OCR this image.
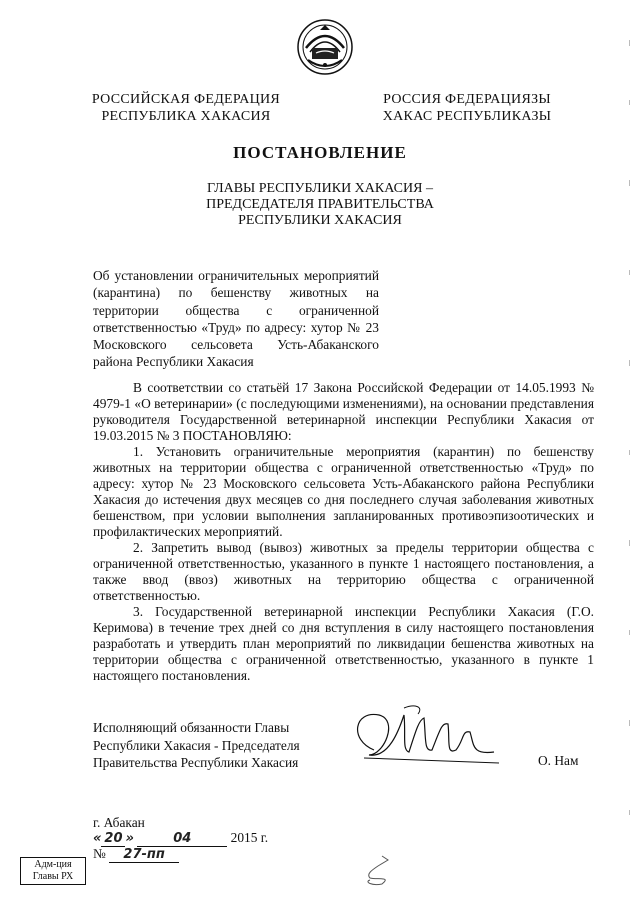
РОССИЙСКАЯ ФЕДЕРАЦИЯ
РЕСПУБЛИКА ХАКАСИЯ
РОССИЯ ФЕДЕРАЦИЯЗЫ
ХАКАС РЕСПУБЛИКАЗЫ
ПОСТАНОВЛЕНИЕ
ГЛАВЫ РЕСПУБЛИКИ ХАКАСИЯ –
ПРЕДСЕДАТЕЛЯ ПРАВИТЕЛЬСТВА
РЕСПУБЛИКИ ХАКАСИЯ
Об установлении ограничительных мероприятий (карантина) по бешенству животных на территории общества с ограниченной ответственностью «Труд» по адресу: хутор № 23 Московского сельсовета Усть-Абаканского района Республики Хакасия

В соответствии со статьёй 17 Закона Российской Федерации от 14.05.1993 № 4979-1 «О ветеринарии» (с последующими изменениями), на основании представления руководителя Государственной ветеринарной инспекции Республики Хакасия от 19.03.2015 № 3 ПОСТАНОВЛЯЮ:

1. Установить ограничительные мероприятия (карантин) по бешенству животных на территории общества с ограниченной ответственностью «Труд» по адресу: хутор № 23 Московского сельсовета Усть-Абаканского района Республики Хакасия до истечения двух месяцев со дня последнего случая заболевания животных бешенством, при условии выполнения запланированных противоэпизоотических и профилактических мероприятий.

2. Запретить вывод (вывоз) животных за пределы территории общества с ограниченной ответственностью, указанного в пункте 1 настоящего постановления, а также ввод (ввоз) животных на территорию общества с ограниченной ответственностью.

3. Государственной ветеринарной инспекции Республики Хакасия (Г.О. Керимова) в течение трех дней со дня вступления в силу настоящего постановления разработать и утвердить план мероприятий по ликвидации бешенства животных на территории общества с ограниченной ответственностью, указанного в пункте 1 настоящего постановления.

Исполняющий обязанности Главы
Республики Хакасия - Председателя
Правительства Республики Хакасия	О. Нам
г. Абакан
« 20 »	04	2015 г.
№ 27-пп
Адм-ция
Главы РХ
